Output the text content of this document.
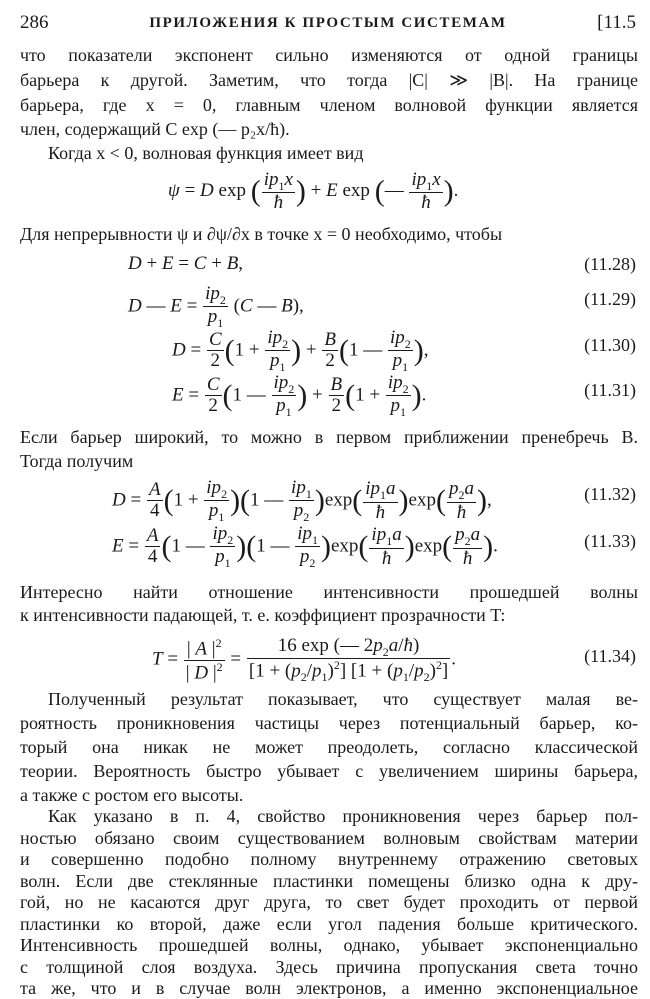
286	ПРИЛОЖЕНИЯ К ПРОСТЫМ СИСТЕМАМ	[11.5
что показатели экспонент сильно изменяются от одной границы
барьера к другой. Заметим, что тогда |C| ≫ |B|. На границе
барьера, где x = 0, главным членом волновой функции является
член, содержащий C exp (— p₂x/ħ).
Когда x < 0, волновая функция имеет вид
ψ = D exp ( $\frac{ip_1x}{ħ}$ ) + E exp (— $\frac{ip_1x}{ħ}$ ).
Для непрерывности ψ и ∂ψ/∂x в точке x = 0 необходимо, чтобы
D + E = C + B,	(11.28)
D — $E = \frac{ip_2}{p_1} (C$ — B),	(11.29)
$D = \frac{C}{2} (1 + \frac{ip_2}{p_1}$ ) + $\frac{B}{2} (1$ — $\frac{ip_2}{p_1}$ ),	(11.30)
$E = \frac{C}{2} (1$ — $\frac{ip_2}{p_1}$ ) + $\frac{B}{2} (1 + \frac{ip_2}{p_1}$ ).	(11.31)
Если барьер широкий, то можно в первом приближении пренебречь B.
Тогда получим
$D = \frac{A}{4} (1 + \frac{ip_2}{p_1} )(1$ — $\frac{ip_1}{p_2} )\exp( \frac{ip_1a}{ħ} )\exp( \frac{p_2a}{ħ}$ ),	(11.32)
$E = \frac{A}{4} (1$ — $\frac{ip_2}{p_1} )(1$ — $\frac{ip_1}{p_2} )\exp( \frac{ip_1a}{ħ} )\exp( \frac{p_2a}{ħ}$ ).	(11.33)
Интересно найти отношение интенсивности прошедшей волны
к интенсивности падающей, т. е. коэффициент прозрачности T:
$T = \frac{| A |^2}{| D |^2} = \frac{16 \exp (— 2p_2a/ħ)}{[1 + (p_2/p_1)^2] [1 + (p_1/p_2)^2]}$ .	(11.34)
Полученный результат показывает, что существует малая ве-
роятность проникновения частицы через потенциальный барьер, ко-
торый она никак не может преодолеть, согласно классической
теории. Вероятность быстро убывает с увеличением ширины барьера,
а также с ростом его высоты.
Как указано в п. 4, свойство проникновения через барьер пол-
ностью обязано своим существованием волновым свойствам материи
и совершенно подобно полному внутреннему отражению световых
волн. Если две стеклянные пластинки помещены близко одна к дру-
гой, но не касаются друг друга, то свет будет проходить от первой
пластинки ко второй, даже если угол падения больше критического.
Интенсивность прошедшей волны, однако, убывает экспоненциально
с толщиной слоя воздуха. Здесь причина пропускания света точно
та же, что и в случае волн электронов, а именно экспоненциальное
